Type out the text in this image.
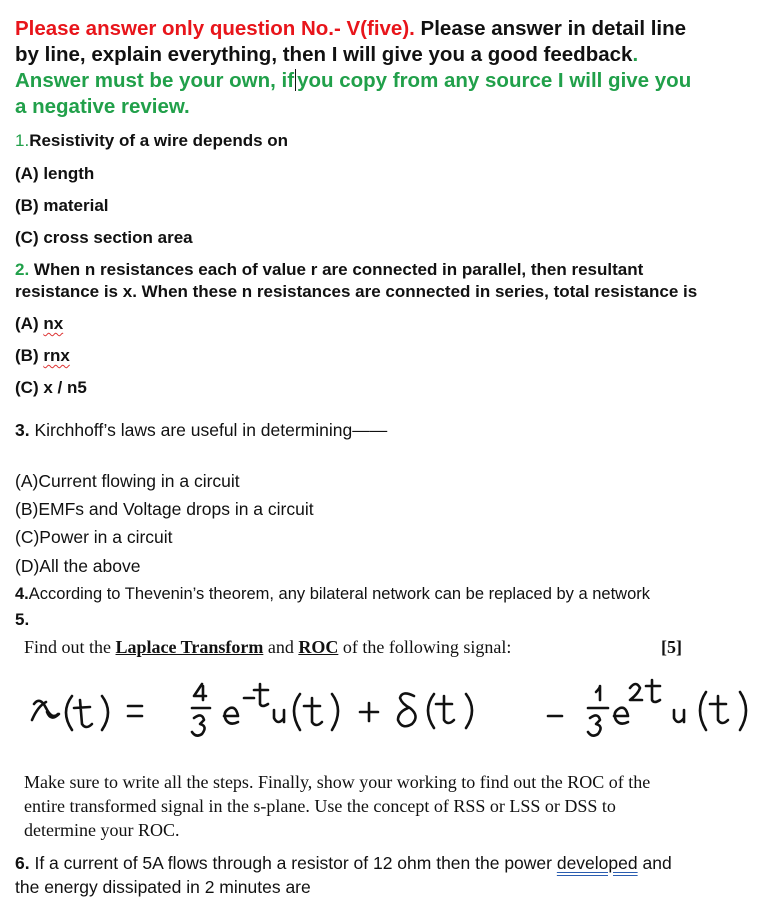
Please answer only question No.- V(five). Please answer in detail line
by line, explain everything, then I will give you a good feedback.
Answer must be your own, if you copy from any source I will give you
a negative review.
1.Resistivity of a wire depends on
(A) length
(B) material
(C) cross section area
2. When n resistances each of value r are connected in parallel, then resultant
resistance is x. When these n resistances are connected in series, total resistance is
(A) nx
(B) rnx
(C) x / n5
3. Kirchhoff’s laws are useful in determining——
(A)Current flowing in a circuit
(B)EMFs and Voltage drops in a circuit
(C)Power in a circuit
(D)All the above
4.According to Thevenin’s theorem, any bilateral network can be replaced by a network
5.
Find out the Laplace Transform and ROC of the following signal:	[5]
Make sure to write all the steps. Finally, show your working to find out the ROC of the
entire transformed signal in the s-plane. Use the concept of RSS or LSS or DSS to
determine your ROC.
6. If a current of 5A flows through a resistor of 12 ohm then the power developed and
the energy dissipated in 2 minutes are
